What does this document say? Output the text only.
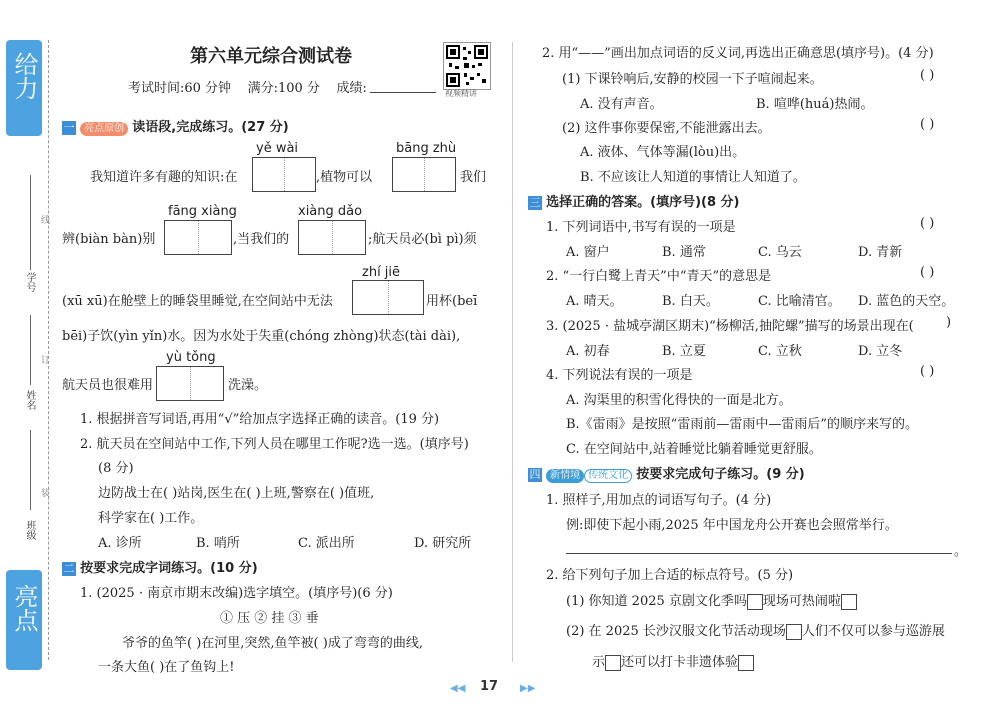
给力
学号
姓名
班级
线
订
装
亮点
第六单元综合测试卷
考试时间:60 分钟 满分:100 分 成绩:	视频精讲
一 亮点原创 读语段,完成练习。(27 分)
yě wài	bāng zhù
我知道许多有趣的知识:在	,植物可以	我们
fāng xiàng	xiàng dǎo
辨(biàn bàn)别	,当我们的	;航天员必(bì pì)须
zhí jiē
(xū xū)在舱壁上的睡袋里睡觉,在空间站中无法	用杯(beī
bēi)子饮(yìn yǐn)水。因为水处于失重(chóng zhòng)状态(tài dài),
yù tǒng
航天员也很难用	洗澡。
1. 根据拼音写词语,再用“√”给加点字选择正确的读音。(19 分)
2. 航天员在空间站中工作,下列人员在哪里工作呢?选一选。(填序号)
(8 分)
边防战士在( )站岗,医生在( )上班,警察在( )值班,
科学家在( )工作。
A. 诊所	B. 哨所	C. 派出所	D. 研究所
二 按要求完成字词练习。(10 分)
1. (2025 · 南京市期末改编)选字填空。(填序号)(6 分)
① 压 ② 挂 ③ 垂
爷爷的鱼竿( )在河里,突然,鱼竿被( )成了弯弯的曲线,
一条大鱼( )在了鱼钩上!
2. 用“——”画出加点词语的反义词,再选出正确意思(填序号)。(4 分)
(1) 下课铃响后,安静的校园一下子喧闹起来。	( )
A. 没有声音。	B. 喧哗(huá)热闹。
(2) 这件事你要保密,不能泄露出去。	( )
A. 液体、气体等漏(lòu)出。
B. 不应该让人知道的事情让人知道了。
三 选择正确的答案。(填序号)(8 分)
1. 下列词语中,书写有误的一项是	( )
A. 窗户	B. 通常	C. 乌云	D. 青新
2. “一行白鹭上青天”中“青天”的意思是	( )
A. 晴天。	B. 白天。	C. 比喻清官。 D. 蓝色的天空。
3. (2025 · 盐城亭湖区期末)“杨柳活,抽陀螺”描写的场景出现在( )
A. 初春	B. 立夏	C. 立秋	D. 立冬
4. 下列说法有误的一项是	( )
A. 沟渠里的积雪化得快的一面是北方。
B.《雷雨》是按照“雷雨前—雷雨中—雷雨后”的顺序来写的。
C. 在空间站中,站着睡觉比躺着睡觉更舒服。
四 新情境 传统文化 按要求完成句子练习。(9 分)
1. 照样子,用加点的词语写句子。(4 分)
例:即使下起小雨,2025 年中国龙舟公开赛也会照常举行。
。
2. 给下列句子加上合适的标点符号。(5 分)
(1) 你知道 2025 京剧文化季吗 现场可热闹啦
(2) 在 2025 长沙汉服文化节活动现场 人们不仅可以参与巡游展
示 还可以打卡非遗体验
◀◀ 17 ▶▶
